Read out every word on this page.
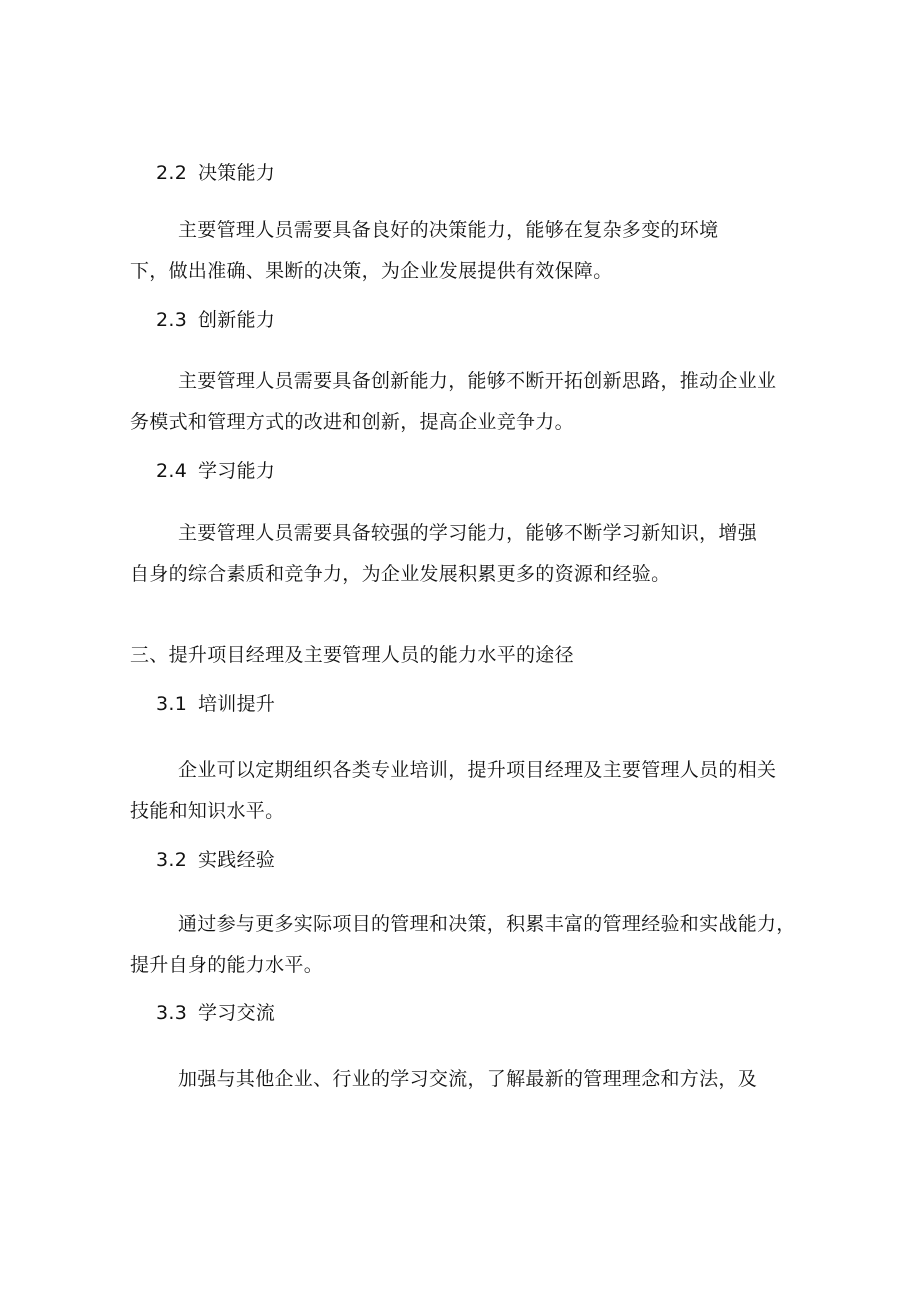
2.2 决策能力
主要管理人员需要具备良好的决策能力，能够在复杂多变的环境
下，做出准确、果断的决策，为企业发展提供有效保障。
2.3 创新能力
主要管理人员需要具备创新能力，能够不断开拓创新思路，推动企业业
务模式和管理方式的改进和创新，提高企业竞争力。
2.4 学习能力
主要管理人员需要具备较强的学习能力，能够不断学习新知识，增强
自身的综合素质和竞争力，为企业发展积累更多的资源和经验。
三、提升项目经理及主要管理人员的能力水平的途径
3.1 培训提升
企业可以定期组织各类专业培训，提升项目经理及主要管理人员的相关
技能和知识水平。
3.2 实践经验
通过参与更多实际项目的管理和决策，积累丰富的管理经验和实战能力，
提升自身的能力水平。
3.3 学习交流
加强与其他企业、行业的学习交流，了解最新的管理理念和方法，及
